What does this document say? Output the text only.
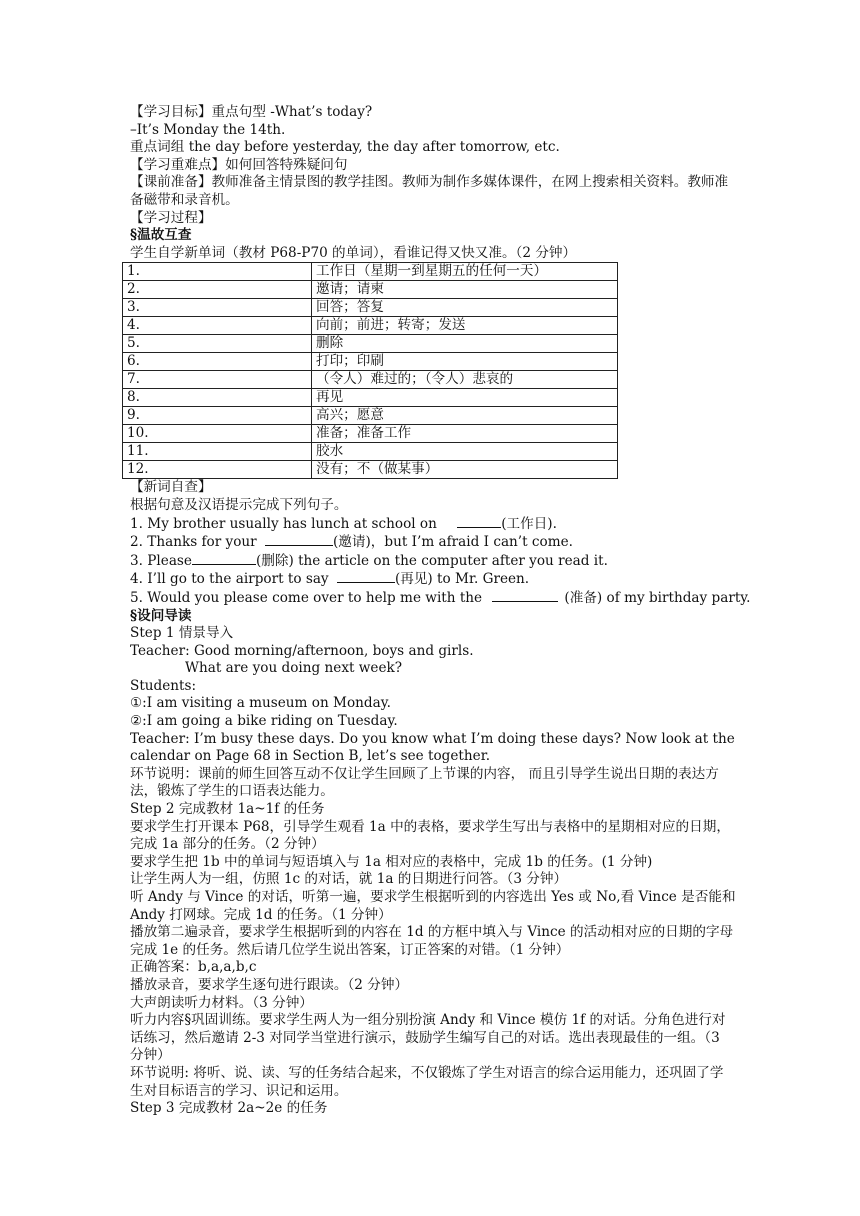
【学习目标】重点句型 -What’s today?

–It’s Monday the 14th.

重点词组 the day before yesterday, the day after tomorrow, etc.

【学习重难点】如何回答特殊疑问句

【课前准备】教师准备主情景图的教学挂图。教师为制作多媒体课件，在网上搜索相关资料。教师准备磁带和录音机。

【学习过程】

§温故互查

学生自学新单词（教材 P68-P70 的单词），看谁记得又快又准。（2 分钟）

1.	工作日（星期一到星期五的任何一天）
2.	邀请；请柬
3.	回答；答复
4.	向前；前进；转寄；发送
5.	删除
6.	打印；印刷
7.	（令人）难过的；（令人）悲哀的
8.	再见
9.	高兴；愿意
10.	准备；准备工作
11.	胶水
12.	没有；不（做某事）

【新词自查】

根据句意及汉语提示完成下列句子。

1. My brother usually has lunch at school on	(工作日).

2. Thanks for your	(邀请)，but I’m afraid I can’t come.

3. Please	(删除) the article on the computer after you read it.

4. I’ll go to the airport to say	(再见) to Mr. Green.

5. Would you please come over to help me with the	(准备) of my birthday party.

§设问导读

Step 1 情景导入

Teacher: Good morning/afternoon, boys and girls.

What are you doing next week?

Students:

①:I am visiting a museum on Monday.

②:I am going a bike riding on Tuesday.

Teacher: I’m busy these days. Do you know what I’m doing these days? Now look at the calendar on Page 68 in Section B, let’s see together.

环节说明：课前的师生回答互动不仅让学生回顾了上节课的内容， 而且引导学生说出日期的表达方法，锻炼了学生的口语表达能力。

Step 2 完成教材 1a~1f 的任务

要求学生打开课本 P68，引导学生观看 1a 中的表格，要求学生写出与表格中的星期相对应的日期，完成 1a 部分的任务。（2 分钟）

要求学生把 1b 中的单词与短语填入与 1a 相对应的表格中，完成 1b 的任务。(1 分钟)

让学生两人为一组，仿照 1c 的对话，就 1a 的日期进行问答。（3 分钟）

听 Andy 与 Vince 的对话，听第一遍，要求学生根据听到的内容选出 Yes 或 No,看 Vince 是否能和 Andy 打网球。完成 1d 的任务。（1 分钟）

播放第二遍录音，要求学生根据听到的内容在 1d 的方框中填入与 Vince 的活动相对应的日期的字母完成 1e 的任务。然后请几位学生说出答案，订正答案的对错。（1 分钟）

正确答案：b,a,a,b,c

播放录音，要求学生逐句进行跟读。（2 分钟）

大声朗读听力材料。（3 分钟）

听力内容§巩固训练。要求学生两人为一组分别扮演 Andy 和 Vince 模仿 1f 的对话。分角色进行对话练习，然后邀请 2-3 对同学当堂进行演示，鼓励学生编写自己的对话。选出表现最佳的一组。（3 分钟）

环节说明: 将听、说、读、写的任务结合起来，不仅锻炼了学生对语言的综合运用能力，还巩固了学生对目标语言的学习、识记和运用。

Step 3 完成教材 2a~2e 的任务
